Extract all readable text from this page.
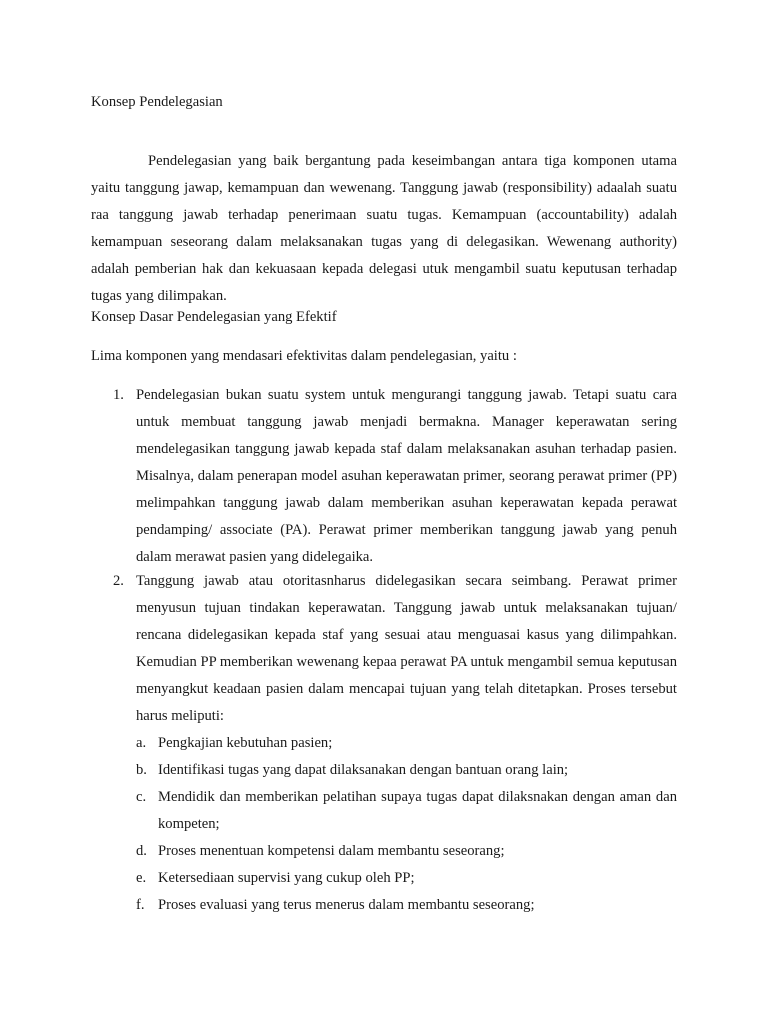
Konsep Pendelegasian

Pendelegasian yang baik bergantung pada keseimbangan antara tiga komponen utama yaitu tanggung jawap, kemampuan dan wewenang. Tanggung jawab (responsibility) adaalah suatu raa tanggung jawab terhadap penerimaan suatu tugas. Kemampuan (accountability) adalah kemampuan seseorang dalam melaksanakan tugas yang di delegasikan. Wewenang authority) adalah pemberian hak dan kekuasaan kepada delegasi utuk mengambil suatu keputusan terhadap tugas yang dilimpakan.

Konsep Dasar Pendelegasian yang Efektif

Lima komponen yang mendasari efektivitas dalam pendelegasian, yaitu :

1. Pendelegasian bukan suatu system untuk mengurangi tanggung jawab. Tetapi suatu cara untuk membuat tanggung jawab menjadi bermakna. Manager keperawatan sering mendelegasikan tanggung jawab kepada staf dalam melaksanakan asuhan terhadap pasien. Misalnya, dalam penerapan model asuhan keperawatan primer, seorang perawat primer (PP) melimpahkan tanggung jawab dalam memberikan asuhan keperawatan kepada perawat pendamping/ associate (PA). Perawat primer memberikan tanggung jawab yang penuh dalam merawat pasien yang didelegaika.
2. Tanggung jawab atau otoritasnharus didelegasikan secara seimbang. Perawat primer menyusun tujuan tindakan keperawatan. Tanggung jawab untuk melaksanakan tujuan/ rencana didelegasikan kepada staf yang sesuai atau menguasai kasus yang dilimpahkan. Kemudian PP memberikan wewenang kepaa perawat PA untuk mengambil semua keputusan menyangkut keadaan pasien dalam mencapai tujuan yang telah ditetapkan. Proses tersebut harus meliputi:
a. Pengkajian kebutuhan pasien;
b. Identifikasi tugas yang dapat dilaksanakan dengan bantuan orang lain;
c. Mendidik dan memberikan pelatihan supaya tugas dapat dilaksnakan dengan aman dan kompeten;
d. Proses menentuan kompetensi dalam membantu seseorang;
e. Ketersediaan supervisi yang cukup oleh PP;
f. Proses evaluasi yang terus menerus dalam membantu seseorang;
